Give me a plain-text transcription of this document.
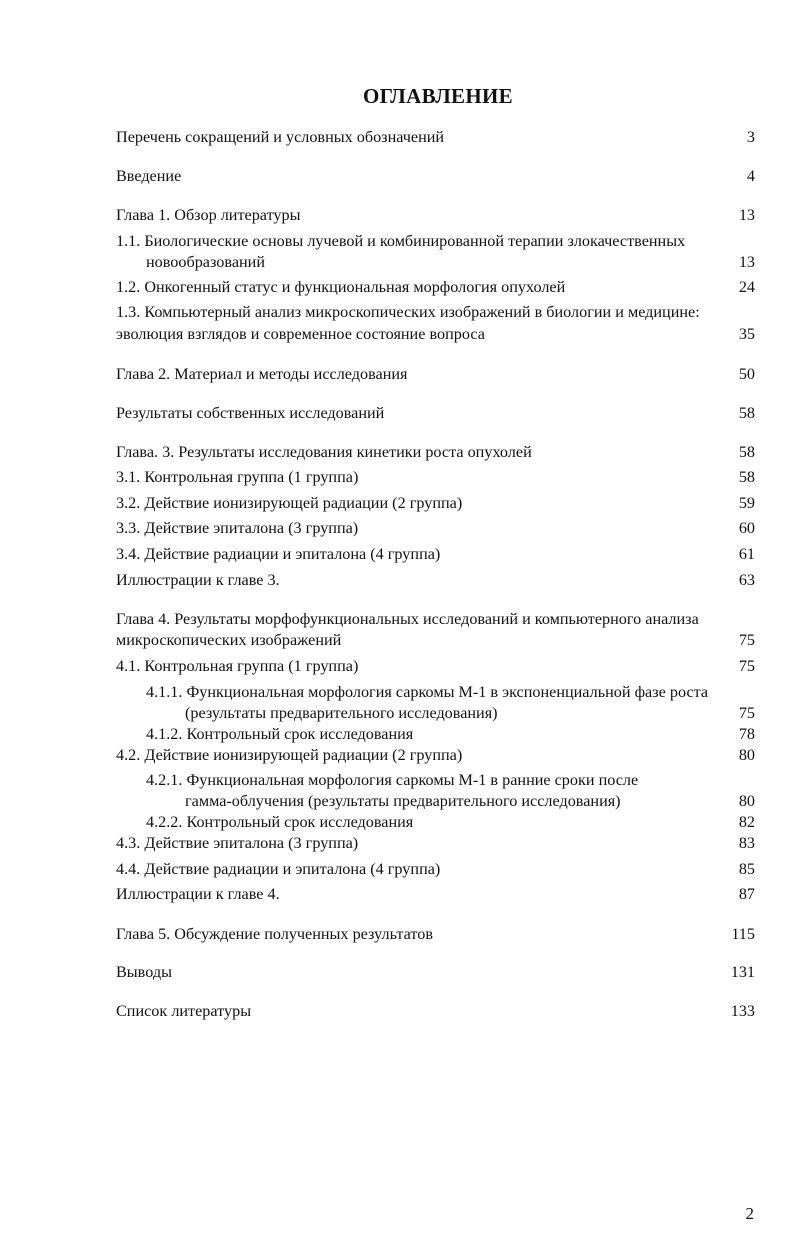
ОГЛАВЛЕНИЕ
Перечень сокращений и условных обозначений	3
Введение	4
Глава 1. Обзор литературы	13
1.1. Биологические основы лучевой и комбинированной терапии злокачественных
новообразований	13
1.2. Онкогенный статус и функциональная морфология опухолей	24
1.3. Компьютерный анализ микроскопических изображений в биологии и медицине:
эволюция взглядов и современное состояние вопроса	35
Глава 2. Материал и методы исследования	50
Результаты собственных исследований	58
Глава. 3. Результаты исследования кинетики роста опухолей	58
3.1. Контрольная группа (1 группа)	58
3.2. Действие ионизирующей радиации (2 группа)	59
3.3. Действие эпиталона (3 группа)	60
3.4. Действие радиации и эпиталона (4 группа)	61
Иллюстрации к главе 3.	63
Глава 4. Результаты морфофункциональных исследований и компьютерного анализа
микроскопических изображений	75
4.1. Контрольная группа (1 группа)	75
4.1.1. Функциональная морфология саркомы М-1 в экспоненциальной фазе роста
(результаты предварительного исследования)	75
4.1.2. Контрольный срок исследования	78
4.2. Действие ионизирующей радиации (2 группа)	80
4.2.1. Функциональная морфология саркомы М-1 в ранние сроки после
гамма-облучения (результаты предварительного исследования)	80
4.2.2. Контрольный срок исследования	82
4.3. Действие эпиталона (3 группа)	83
4.4. Действие радиации и эпиталона (4 группа)	85
Иллюстрации к главе 4.	87
Глава 5. Обсуждение полученных результатов	115
Выводы	131
Список литературы	133
2
